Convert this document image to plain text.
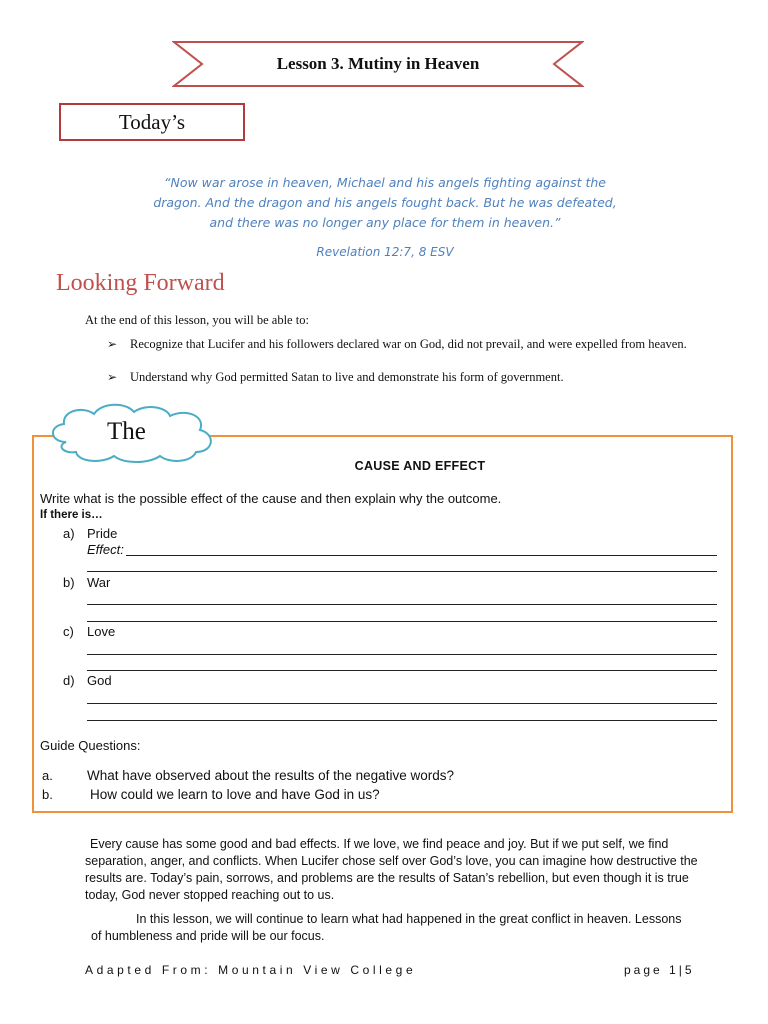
Lesson 3. Mutiny in Heaven
Today’s
“Now war arose in heaven, Michael and his angels fighting against the dragon. And the dragon and his angels fought back. But he was defeated, and there was no longer any place for them in heaven.”
Revelation 12:7, 8 ESV
Looking Forward
At the end of this lesson, you will be able to:
➢	Recognize that Lucifer and his followers declared war on God, did not prevail, and were expelled from heaven.
➢	Understand why God permitted Satan to live and demonstrate his form of government.
The
CAUSE AND EFFECT
Write what is the possible effect of the cause and then explain why the outcome.
If there is…
a) Pride
Effect:
b) War
c) Love
d) God
Guide Questions:
a.	What have observed about the results of the negative words?
b.	How could we learn to love and have God in us?
Every cause has some good and bad effects. If we love, we find peace and joy. But if we put self, we find separation, anger, and conflicts. When Lucifer chose self over God’s love, you can imagine how destructive the results are. Today’s pain, sorrows, and problems are the results of Satan’s rebellion, but even though it is true today, God never stopped reaching out to us.
In this lesson, we will continue to learn what had happened in the great conflict in heaven. Lessons of humbleness and pride will be our focus.
Adapted From: Mountain View College	page 1|5
